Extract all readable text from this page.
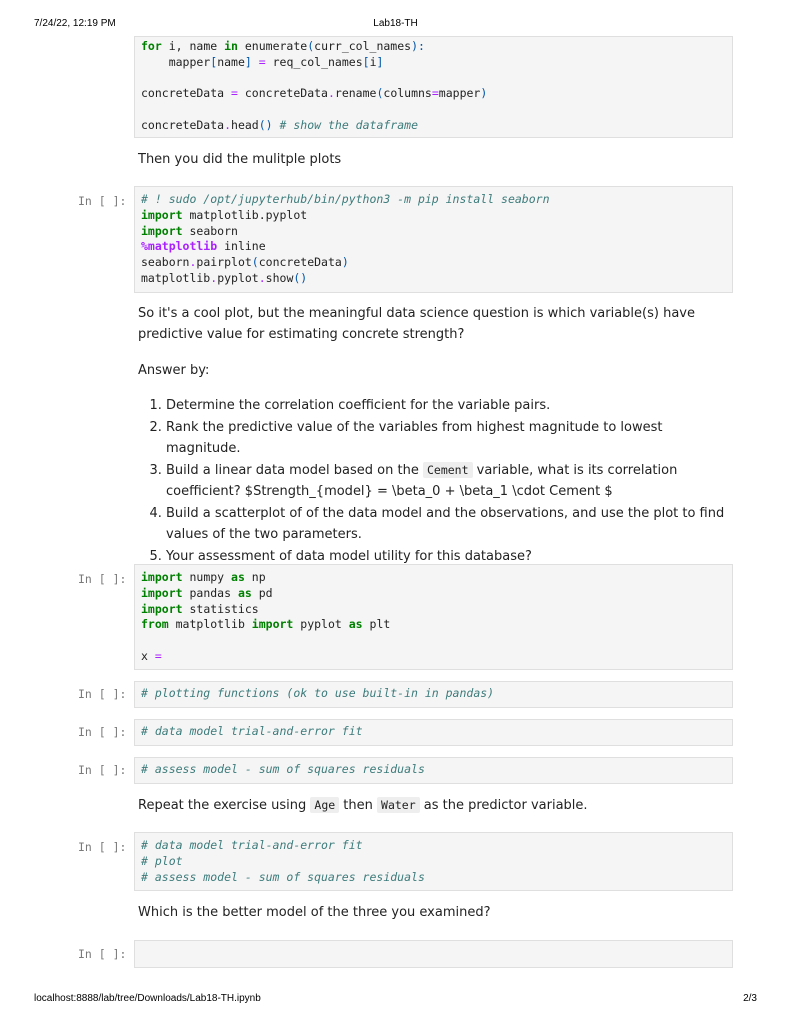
7/24/22, 12:19 PM	Lab18-TH
for i, name in enumerate(curr_col_names):
mapper[name] = req_col_names[i]
concreteData = concreteData.rename(columns=mapper)
concreteData.head() # show the dataframe

Then you did the mulitple plots

In [ ]:	# ! sudo /opt/jupyterhub/bin/python3 -m pip install seaborn
import matplotlib.pyplot
import seaborn
%matplotlib inline
seaborn.pairplot(concreteData)
matplotlib.pyplot.show()

So it's a cool plot, but the meaningful data science question is which variable(s) have predictive value for estimating concrete strength?

Answer by:

1. Determine the correlation coefficient for the variable pairs.
2. Rank the predictive value of the variables from highest magnitude to lowest magnitude.
3. Build a linear data model based on the Cement variable, what is its correlation coefficient? $Strength_{model} = \beta_0 + \beta_1 \cdot Cement $
4. Build a scatterplot of of the data model and the observations, and use the plot to find values of the two parameters.
5. Your assessment of data model utility for this database?
In [ ]:	import numpy as np
import pandas as pd
import statistics
from matplotlib import pyplot as plt
x =
In [ ]:	# plotting functions (ok to use built-in in pandas)
In [ ]:	# data model trial-and-error fit
In [ ]:	# assess model - sum of squares residuals

Repeat the exercise using Age then Water as the predictor variable.

In [ ]:	# data model trial-and-error fit
# plot
# assess model - sum of squares residuals

Which is the better model of the three you examined?

In [ ]:
localhost:8888/lab/tree/Downloads/Lab18-TH.ipynb	2/3
